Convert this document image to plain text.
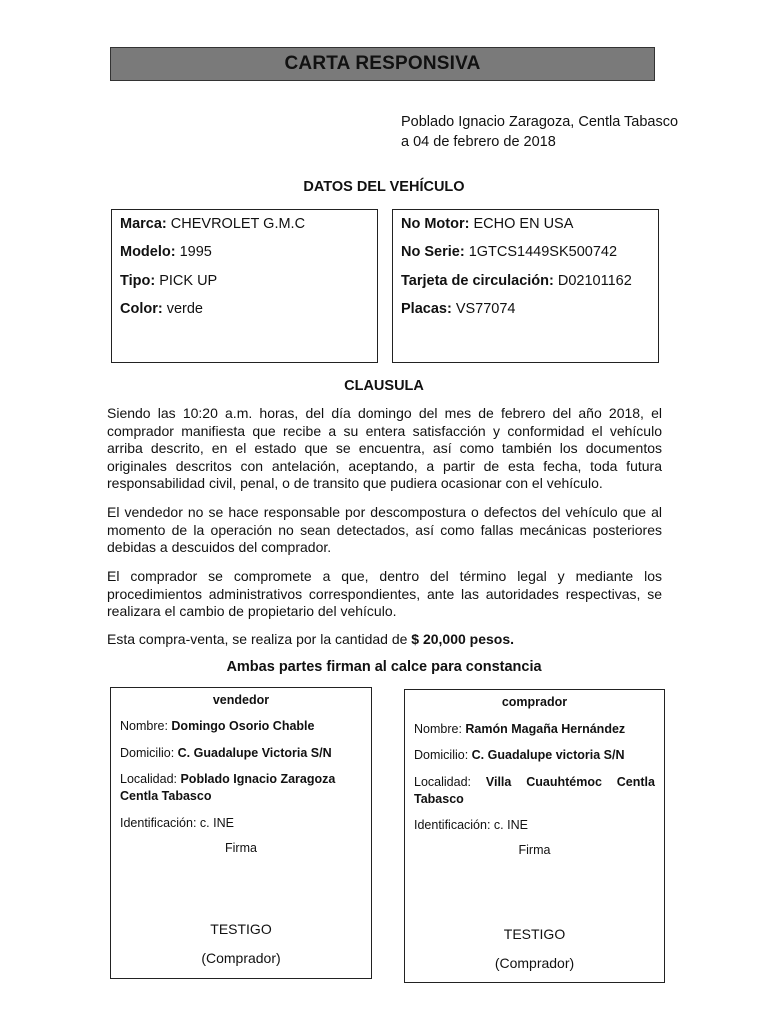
CARTA RESPONSIVA
Poblado Ignacio Zaragoza, Centla Tabasco
a 04 de febrero de 2018
DATOS DEL VEHÍCULO
Marca: CHEVROLET G.M.C
Modelo: 1995
Tipo: PICK UP
Color: verde
No Motor: ECHO EN USA
No Serie: 1GTCS1449SK500742
Tarjeta de circulación: D02101162
Placas: VS77074
CLAUSULA

Siendo las 10:20 a.m. horas, del día domingo del mes de febrero del año 2018, el comprador manifiesta que recibe a su entera satisfacción y conformidad el vehículo arriba descrito, en el estado que se encuentra, así como también los documentos originales descritos con antelación, aceptando, a partir de esta fecha, toda futura responsabilidad civil, penal, o de transito que pudiera ocasionar con el vehículo.

El vendedor no se hace responsable por descompostura o defectos del vehículo que al momento de la operación no sean detectados, así como fallas mecánicas posteriores debidas a descuidos del comprador.

El comprador se compromete a que, dentro del término legal y mediante los procedimientos administrativos correspondientes, ante las autoridades respectivas, se realizara el cambio de propietario del vehículo.

Esta compra-venta, se realiza por la cantidad de $ 20,000 pesos.

Ambas partes firman al calce para constancia
vendedor
Nombre: Domingo Osorio Chable
Domicilio: C. Guadalupe Victoria S/N
Localidad: Poblado Ignacio Zaragoza Centla Tabasco
Identificación: c. INE
Firma
TESTIGO
(Comprador)
comprador
Nombre: Ramón Magaña Hernández
Domicilio: C. Guadalupe victoria S/N
Localidad: Villa Cuauhtémoc Centla Tabasco
Identificación: c. INE
Firma
TESTIGO
(Comprador)
